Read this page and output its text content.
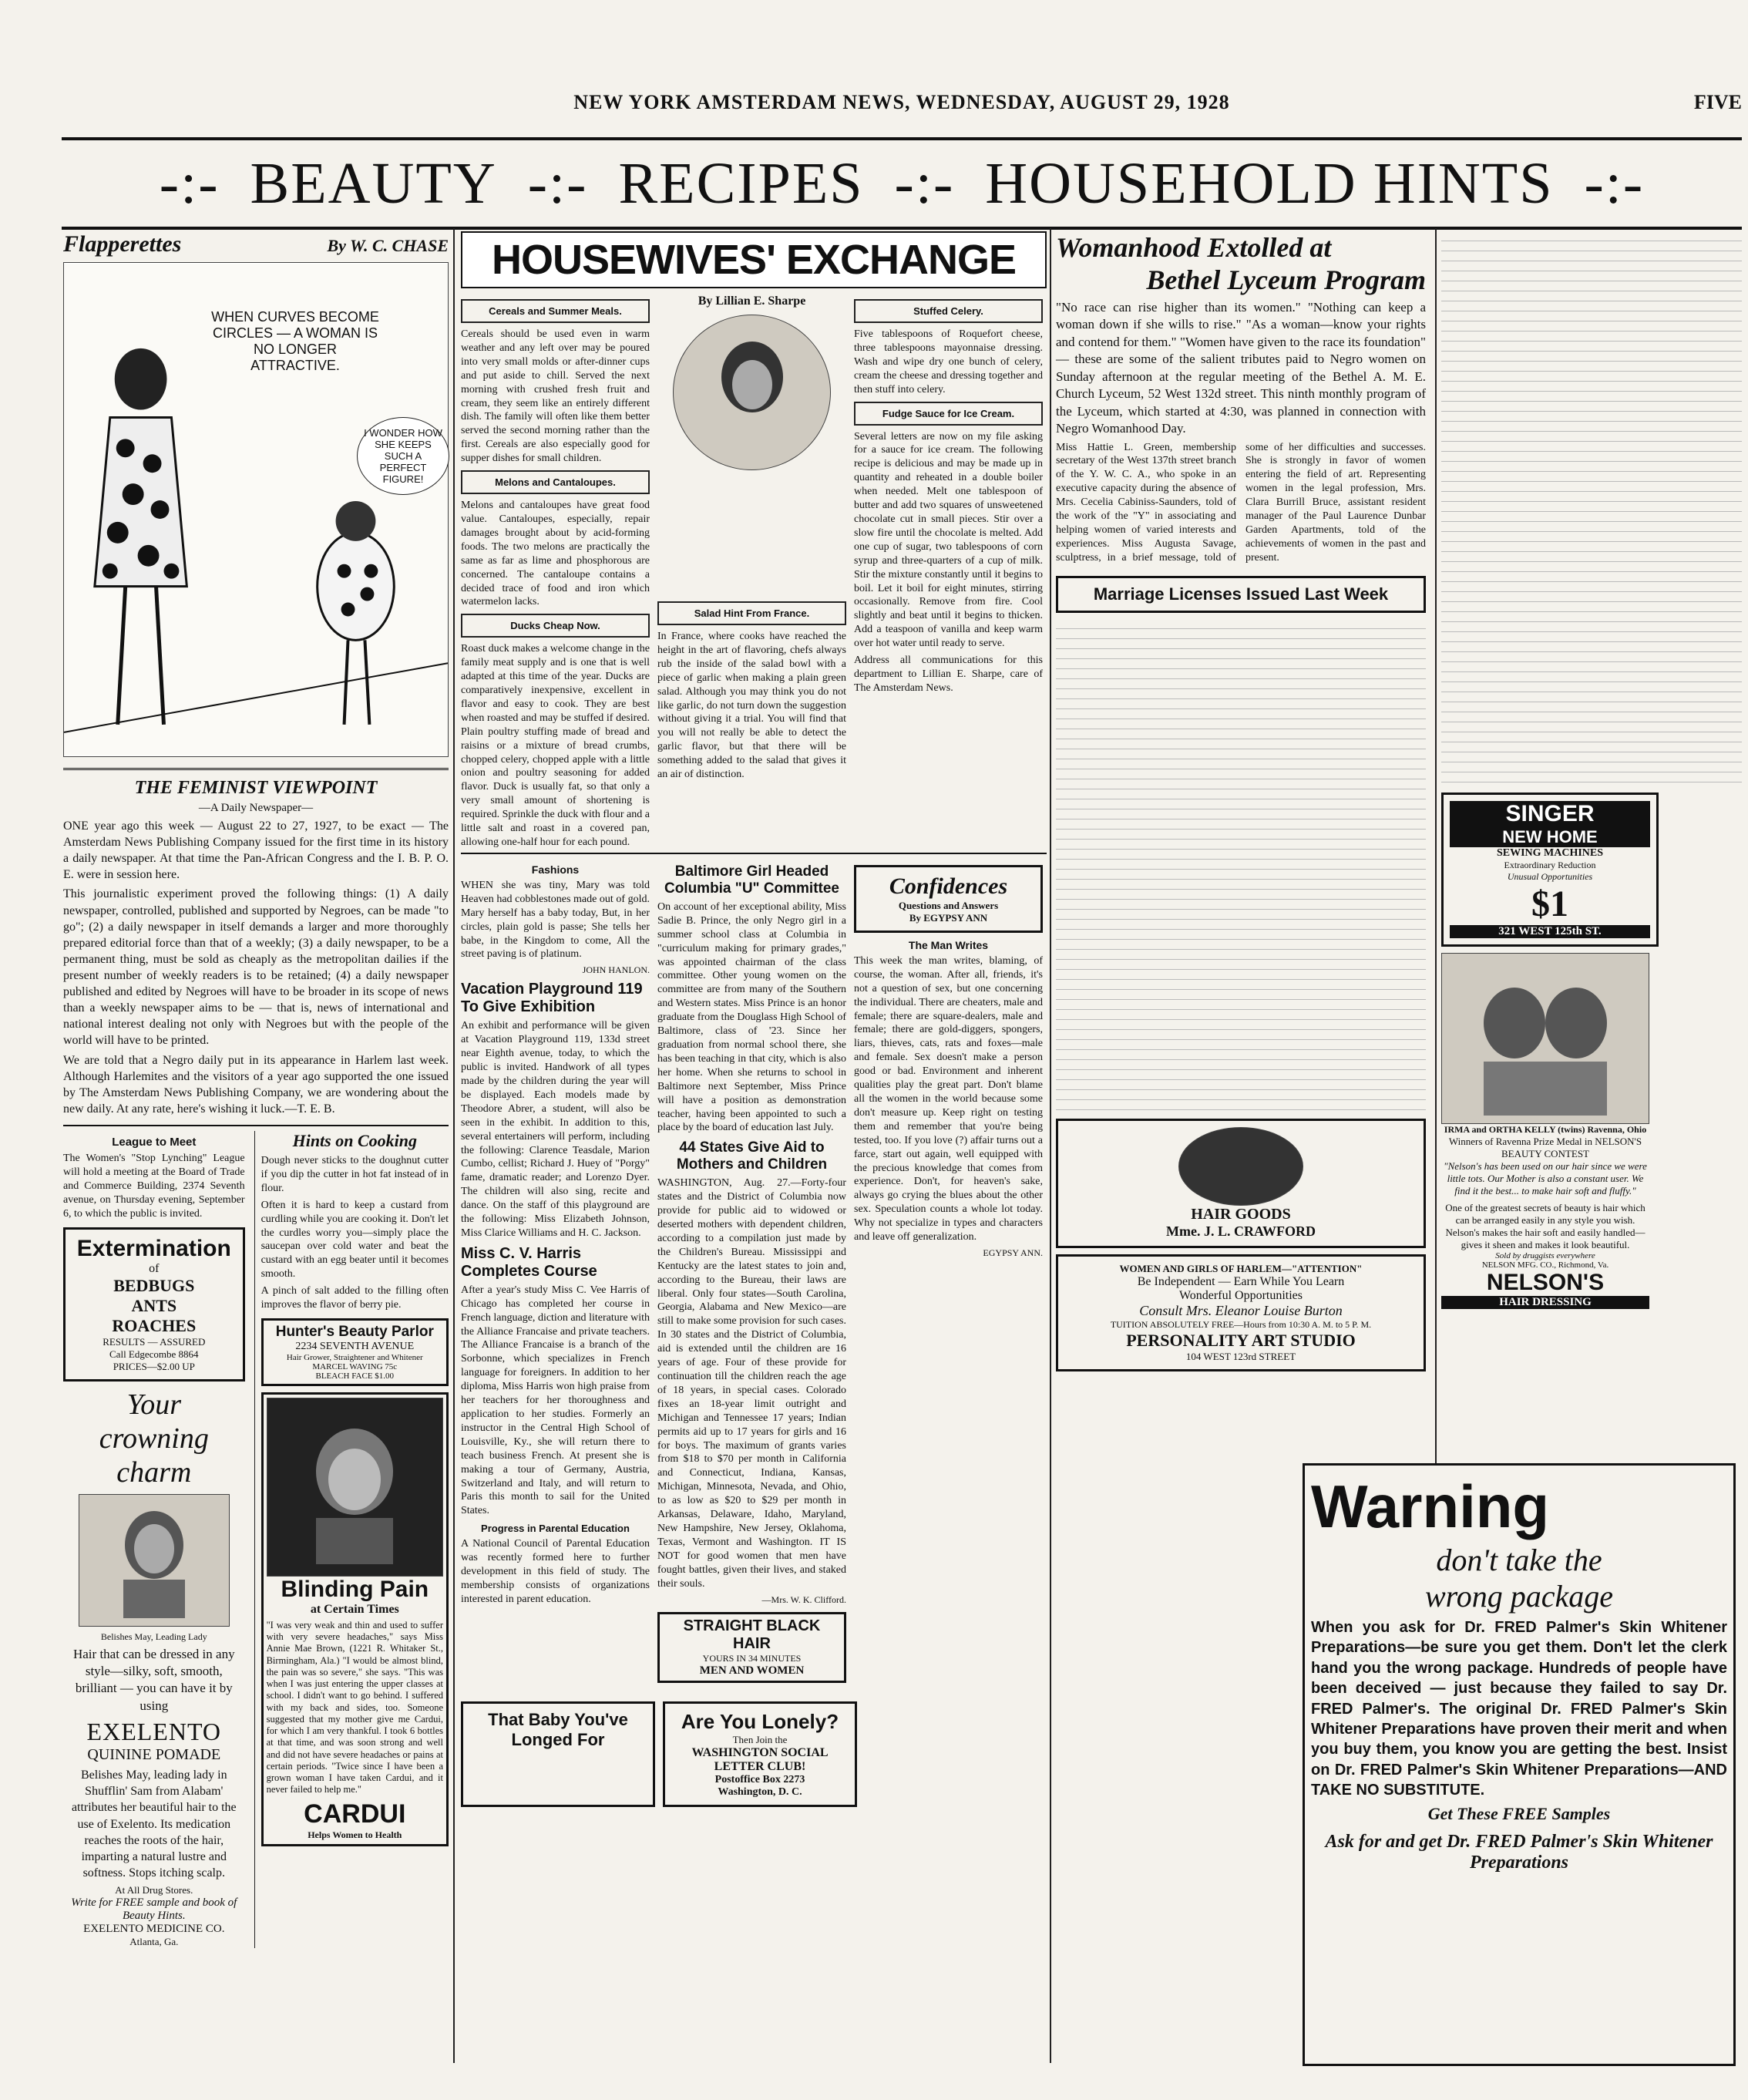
NEW YORK AMSTERDAM NEWS, WEDNESDAY, AUGUST 29, 1928	FIVE
-:- BEAUTY -:- RECIPES -:- HOUSEHOLD HINTS -:-
Flapperettes	By W. C. CHASE
WHEN CURVES BECOME CIRCLES — A WOMAN IS NO LONGER ATTRACTIVE.
I WONDER HOW SHE KEEPS SUCH A PERFECT FIGURE!
THE FEMINIST VIEWPOINT
—A Daily Newspaper—

ONE year ago this week — August 22 to 27, 1927, to be exact — The Amsterdam News Publishing Company issued for the first time in its history a daily newspaper. At that time the Pan-African Congress and the I. B. P. O. E. were in session here.

This journalistic experiment proved the following things: (1) A daily newspaper, controlled, published and supported by Negroes, can be made "to go"; (2) a daily newspaper in itself demands a larger and more thoroughly prepared editorial force than that of a weekly; (3) a daily newspaper, to be a permanent thing, must be sold as cheaply as the metropolitan dailies if the present number of weekly readers is to be retained; (4) a daily newspaper published and edited by Negroes will have to be broader in its scope of news than a weekly newspaper aims to be — that is, news of international and national interest dealing not only with Negroes but with the people of the world will have to be printed.

We are told that a Negro daily put in its appearance in Harlem last week. Although Harlemites and the visitors of a year ago supported the one issued by The Amsterdam News Publishing Company, we are wondering about the new daily. At any rate, here's wishing it luck.—T. E. B.

League to Meet

The Women's "Stop Lynching" League will hold a meeting at the Board of Trade and Commerce Building, 2374 Seventh avenue, on Thursday evening, September 6, to which the public is invited.

Extermination
of
BEDBUGS
ANTS
ROACHES
RESULTS — ASSURED
Call Edgecombe 8864
PRICES—$2.00 UP
Your
crowning
charm
Belishes May, Leading Lady

Hair that can be dressed in any style—silky, soft, smooth, brilliant — you can have it by using

EXELENTO
QUININE POMADE

Belishes May, leading lady in Shufflin' Sam from Alabam' attributes her beautiful hair to the use of Exelento. Its medication reaches the roots of the hair, imparting a natural lustre and softness. Stops itching scalp.

At All Drug Stores.
Write for FREE sample and book of Beauty Hints.
EXELENTO MEDICINE CO.
Atlanta, Ga.
Hints on Cooking

Dough never sticks to the doughnut cutter if you dip the cutter in hot fat instead of in flour.

Often it is hard to keep a custard from curdling while you are cooking it. Don't let the curdles worry you—simply place the saucepan over cold water and beat the custard with an egg beater until it becomes smooth.

A pinch of salt added to the filling often improves the flavor of berry pie.

Hunter's Beauty Parlor
2234 SEVENTH AVENUE
Hair Grower, Straightener and Whitener
MARCEL WAVING 75c
BLEACH FACE $1.00
Blinding Pain
at Certain Times

"I was very weak and thin and used to suffer with very severe headaches," says Miss Annie Mae Brown, (1221 R. Whitaker St., Birmingham, Ala.) "I would be almost blind, the pain was so severe," she says. "This was when I was just entering the upper classes at school. I didn't want to go behind. I suffered with my back and sides, too. Someone suggested that my mother give me Cardui, for which I am very thankful. I took 6 bottles at that time, and was soon strong and well and did not have severe headaches or pains at certain periods. "Twice since I have been a grown woman I have taken Cardui, and it never failed to help me."

CARDUI
Helps Women to Health
HOUSEWIVES' EXCHANGE
Cereals and Summer Meals.

Cereals should be used even in warm weather and any left over may be poured into very small molds or after-dinner cups and put aside to chill. Served the next morning with crushed fresh fruit and cream, they seem like an entirely different dish. The family will often like them better served the second morning rather than the first. Cereals are also especially good for supper dishes for small children.

Melons and Cantaloupes.

Melons and cantaloupes have great food value. Cantaloupes, especially, repair damages brought about by acid-forming foods. The two melons are practically the same as far as lime and phosphorous are concerned. The cantaloupe contains a decided trace of food and iron which watermelon lacks.

Ducks Cheap Now.

Roast duck makes a welcome change in the family meat supply and is one that is well adapted at this time of the year. Ducks are comparatively inexpensive, excellent in flavor and easy to cook. They are best when roasted and may be stuffed if desired. Plain poultry stuffing made of bread and raisins or a mixture of bread crumbs, chopped celery, chopped apple with a little onion and poultry seasoning for added flavor. Duck is usually fat, so that only a very small amount of shortening is required. Sprinkle the duck with flour and a little salt and roast in a covered pan, allowing one-half hour for each pound.

By Lillian E. Sharpe
Salad Hint From France.

In France, where cooks have reached the height in the art of flavoring, chefs always rub the inside of the salad bowl with a piece of garlic when making a plain green salad. Although you may think you do not like garlic, do not turn down the suggestion without giving it a trial. You will find that you will not really be able to detect the garlic flavor, but that there will be something added to the salad that gives it an air of distinction.

Stuffed Celery.

Five tablespoons of Roquefort cheese, three tablespoons mayonnaise dressing. Wash and wipe dry one bunch of celery, cream the cheese and dressing together and then stuff into celery.

Fudge Sauce for Ice Cream.

Several letters are now on my file asking for a sauce for ice cream. The following recipe is delicious and may be made up in quantity and reheated in a double boiler when needed. Melt one tablespoon of butter and add two squares of unsweetened chocolate cut in small pieces. Stir over a slow fire until the chocolate is melted. Add one cup of sugar, two tablespoons of corn syrup and three-quarters of a cup of milk. Stir the mixture constantly until it begins to boil. Let it boil for eight minutes, stirring occasionally. Remove from fire. Cool slightly and beat until it begins to thicken. Add a teaspoon of vanilla and keep warm over hot water until ready to serve.

Address all communications for this department to Lillian E. Sharpe, care of The Amsterdam News.

Fashions

WHEN she was tiny, Mary was told Heaven had cobblestones made out of gold. Mary herself has a baby today, But, in her circles, plain gold is passe; She tells her babe, in the Kingdom to come, All the street paving is of platinum.

JOHN HANLON.
Vacation Playground 119 To Give Exhibition

An exhibit and performance will be given at Vacation Playground 119, 133d street near Eighth avenue, today, to which the public is invited. Handwork of all types made by the children during the year will be displayed. Each models made by Theodore Abrer, a student, will also be seen in the exhibit. In addition to this, several entertainers will perform, including the following: Clarence Teasdale, Marion Cumbo, cellist; Richard J. Huey of "Porgy" fame, dramatic reader; and Lorenzo Dyer. The children will also sing, recite and dance. On the staff of this playground are the following: Miss Elizabeth Johnson, Miss Clarice Williams and H. C. Jackson.

Miss C. V. Harris Completes Course

After a year's study Miss C. Vee Harris of Chicago has completed her course in French language, diction and literature with the Alliance Francaise and private teachers. The Alliance Francaise is a branch of the Sorbonne, which specializes in French language for foreigners. In addition to her diploma, Miss Harris won high praise from her teachers for her thoroughness and application to her studies. Formerly an instructor in the Central High School of Louisville, Ky., she will return there to teach business French. At present she is making a tour of Germany, Austria, Switzerland and Italy, and will return to Paris this month to sail for the United States.

Progress in Parental Education

A National Council of Parental Education was recently formed here to further development in this field of study. The membership consists of organizations interested in parent education.

Baltimore Girl Headed Columbia "U" Committee

On account of her exceptional ability, Miss Sadie B. Prince, the only Negro girl in a summer school class at Columbia in "curriculum making for primary grades," was appointed chairman of the class committee. Other young women on the committee are from many of the Southern and Western states. Miss Prince is an honor graduate from the Douglass High School of Baltimore, class of '23. Since her graduation from normal school there, she has been teaching in that city, which is also her home. When she returns to school in Baltimore next September, Miss Prince will have a position as demonstration teacher, having been appointed to such a place by the board of education last July.

44 States Give Aid to Mothers and Children

WASHINGTON, Aug. 27.—Forty-four states and the District of Columbia now provide for public aid to widowed or deserted mothers with dependent children, according to a compilation just made by the Children's Bureau. Mississippi and Kentucky are the latest states to join and, according to the Bureau, their laws are liberal. Only four states—South Carolina, Georgia, Alabama and New Mexico—are still to make some provision for such cases. In 30 states and the District of Columbia, aid is extended until the children are 16 years of age. Four of these provide for continuation till the children reach the age of 18 years, in special cases. Colorado fixes an 18-year limit outright and Michigan and Tennessee 17 years; Indian permits aid up to 17 years for girls and 16 for boys. The maximum of grants varies from $18 to $70 per month in California and Connecticut, Indiana, Kansas, Michigan, Minnesota, Nevada, and Ohio, to as low as $20 to $29 per month in Arkansas, Delaware, Idaho, Maryland, New Hampshire, New Jersey, Oklahoma, Texas, Vermont and Washington. IT IS NOT for good women that men have fought battles, given their lives, and staked their souls.

—Mrs. W. K. Clifford.
STRAIGHT BLACK HAIR
YOURS IN 34 MINUTES
MEN AND WOMEN
Confidences
Questions and Answers
By EGYPSY ANN
The Man Writes

This week the man writes, blaming, of course, the woman. After all, friends, it's not a question of sex, but one concerning the individual. There are cheaters, male and female; there are square-dealers, male and female; there are gold-diggers, spongers, liars, thieves, cats, rats and foxes—male and female. Sex doesn't make a person good or bad. Environment and inherent qualities play the great part. Don't blame all the women in the world because some don't measure up. Keep right on testing them and remember that you're being tested, too. If you love (?) affair turns out a farce, start out again, well equipped with the precious knowledge that comes from experience. Don't, for heaven's sake, always go crying the blues about the other sex. Speculation counts a whole lot today. Why not specialize in types and characters and leave off generalization.

EGYPSY ANN.
That Baby You've Longed For
Are You Lonely?
Then Join the
WASHINGTON SOCIAL LETTER CLUB!
Postoffice Box 2273
Washington, D. C.
Womanhood Extolled at
Bethel Lyceum Program

"No race can rise higher than its women." "Nothing can keep a woman down if she wills to rise." "As a woman—know your rights and contend for them." "Women have given to the race its foundation" — these are some of the salient tributes paid to Negro women on Sunday afternoon at the regular meeting of the Bethel A. M. E. Church Lyceum, 52 West 132d street. This ninth monthly program of the Lyceum, which started at 4:30, was planned in connection with Negro Womanhood Day.

Miss Hattie L. Green, membership secretary of the West 137th street branch of the Y. W. C. A., who spoke in an executive capacity during the absence of Mrs. Cecelia Cabiniss-Saunders, told of the work of the "Y" in associating and helping women of varied interests and experiences. Miss Augusta Savage, sculptress, in a brief message, told of some of her difficulties and successes. She is strongly in favor of women entering the field of art. Representing women in the legal profession, Mrs. Clara Burrill Bruce, assistant resident manager of the Paul Laurence Dunbar Garden Apartments, told of the achievements of women in the past and present.

Marriage Licenses Issued Last Week
HAIR GOODS
Mme. J. L. CRAWFORD
WOMEN AND GIRLS OF HARLEM—"ATTENTION"
Be Independent — Earn While You Learn
Wonderful Opportunities
Consult Mrs. Eleanor Louise Burton
TUITION ABSOLUTELY FREE—Hours from 10:30 A. M. to 5 P. M.
PERSONALITY ART STUDIO
104 WEST 123rd STREET
SINGER
NEW HOME
SEWING MACHINES
Extraordinary Reduction
Unusual Opportunities
$1
321 WEST 125th ST.
IRMA and ORTHA KELLY (twins) Ravenna, Ohio
Winners of Ravenna Prize Medal in NELSON'S BEAUTY CONTEST
"Nelson's has been used on our hair since we were little tots. Our Mother is also a constant user. We find it the best... to make hair soft and fluffy."
One of the greatest secrets of beauty is hair which can be arranged easily in any style you wish. Nelson's makes the hair soft and easily handled—gives it sheen and makes it look beautiful.
Sold by druggists everywhere
NELSON MFG. CO., Richmond, Va.
NELSON'S
HAIR DRESSING
Warning
don't take the
wrong package

When you ask for Dr. FRED Palmer's Skin Whitener Preparations—be sure you get them. Don't let the clerk hand you the wrong package. Hundreds of people have been deceived — just because they failed to say Dr. FRED Palmer's. The original Dr. FRED Palmer's Skin Whitener Preparations have proven their merit and when you buy them, you know you are getting the best. Insist on Dr. FRED Palmer's Skin Whitener Preparations—AND TAKE NO SUBSTITUTE.

Get These FREE Samples
Ask for and get Dr. FRED Palmer's Skin Whitener Preparations
